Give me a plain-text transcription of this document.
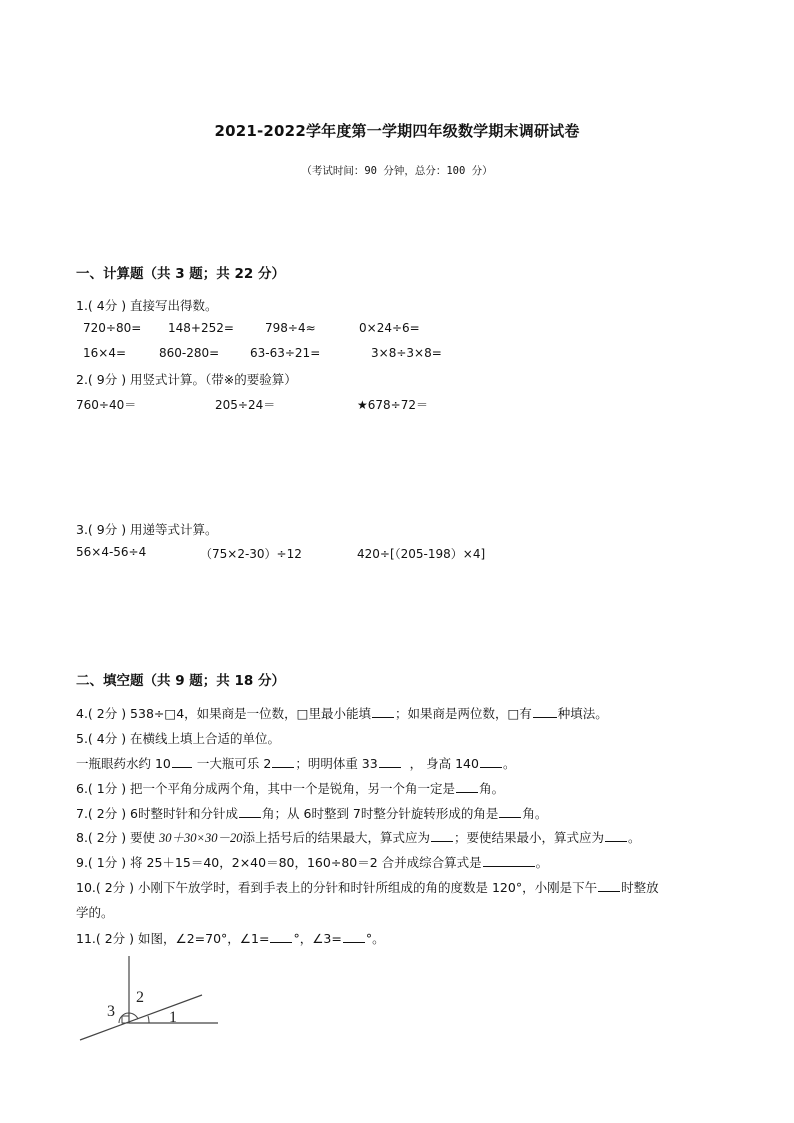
2021-2022学年度第一学期四年级数学期末调研试卷
（考试时间：90 分钟，总分：100 分）
一、计算题（共 3 题；共 22 分）
1.( 4分 ) 直接写出得数。
720÷80= 148+252=	798÷4≈	0×24÷6=
16×4=	860-280=	63-63÷21=	3×8÷3×8=
2.( 9分 ) 用竖式计算。（带※的要验算）
760÷40＝	205÷24＝	★678÷72＝
3.( 9分 ) 用递等式计算。
56×4-56÷4	（75×2-30）÷12	420÷[（205-198）×4]
二、填空题（共 9 题；共 18 分）
4.( 2分 ) 538÷□4，如果商是一位数，□里最小能填 ；如果商是两位数，□有 种填法。
5.( 4分 ) 在横线上填上合适的单位。
一瓶眼药水约 10 一大瓶可乐 2 ；明明体重 33	， 身高 140 。
6.( 1分 ) 把一个平角分成两个角，其中一个是锐角，另一个角一定是 角。
7.( 2分 ) 6时整时针和分针成 角；从 6时整到 7时整分针旋转形成的角是 角。
8.( 2分 ) 要使 30＋30×30－20添上括号后的结果最大，算式应为 ；要使结果最小，算式应为 。
9.( 1分 ) 将 25＋15＝40，2×40＝80，160÷80＝2 合并成综合算式是	。
10.( 2分 ) 小刚下午放学时，看到手表上的分针和时针所组成的角的度数是 120°，小刚是下午 时整放
学的。
11.( 2分 ) 如图，∠2=70°，∠1= °，∠3= °。
3
2
1
